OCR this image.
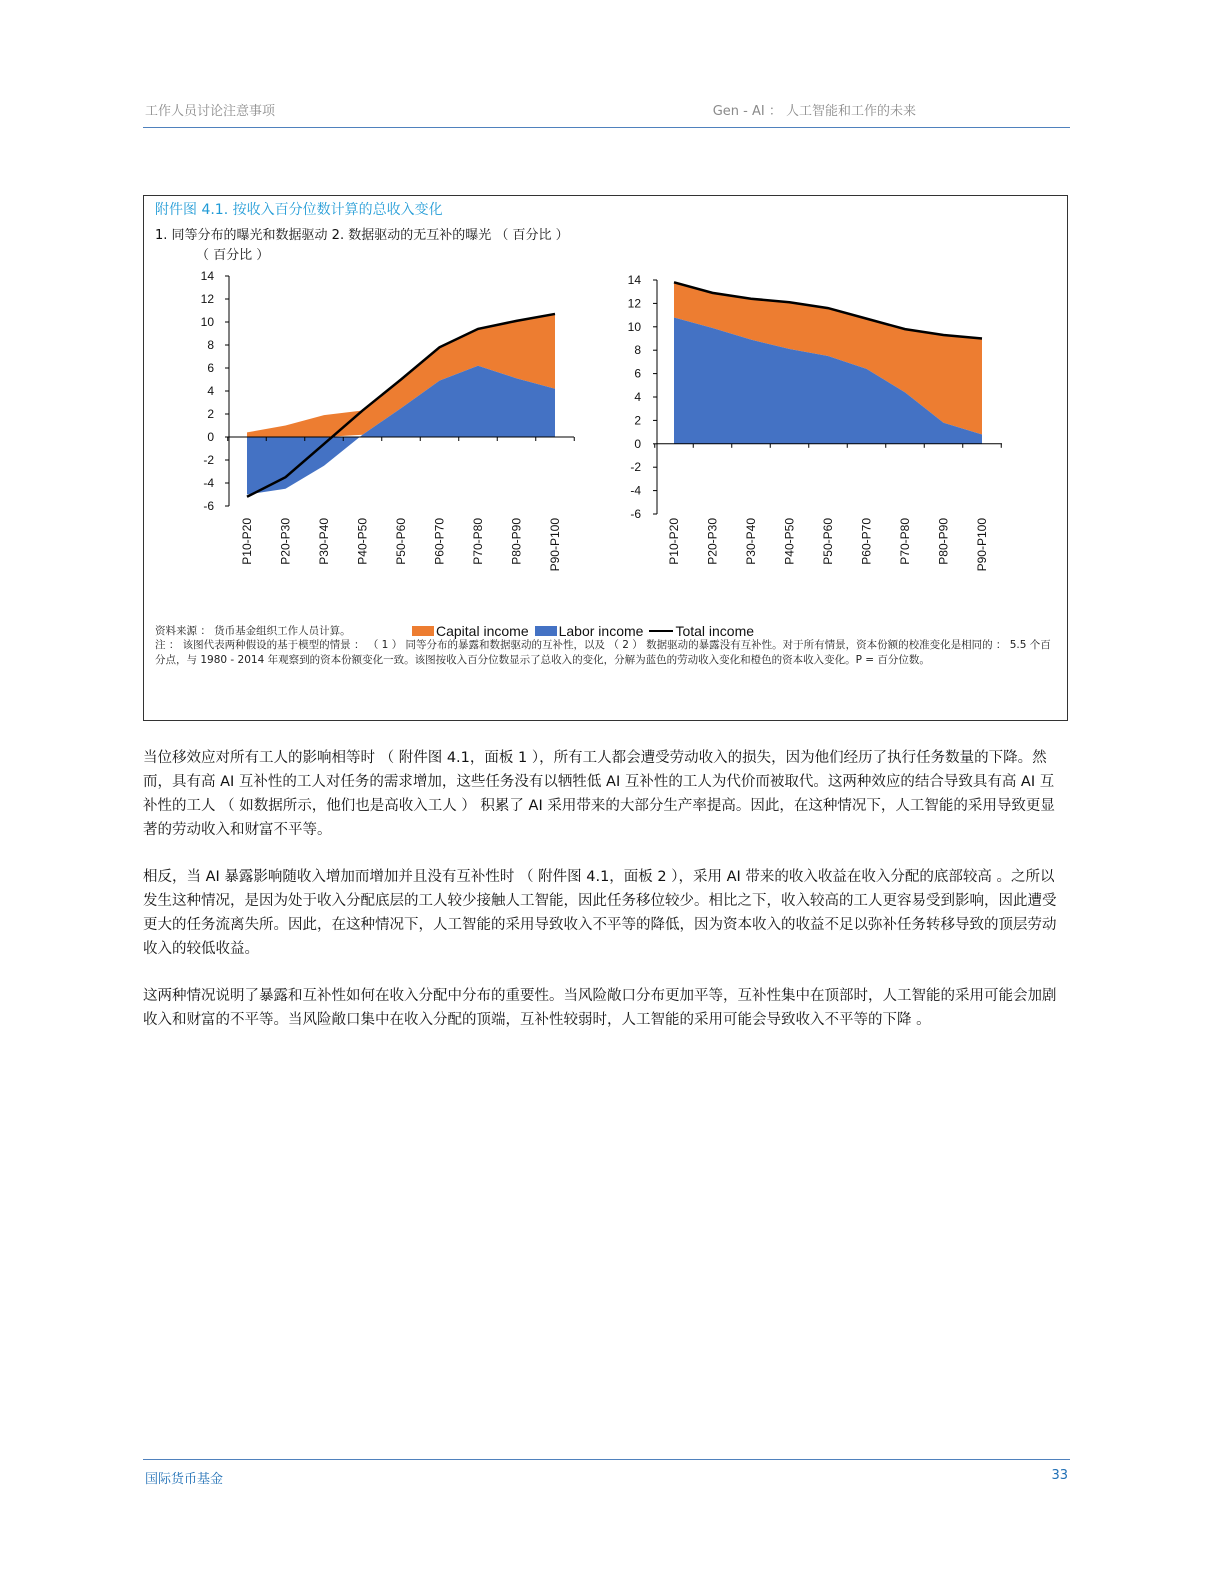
工作人员讨论注意事项	Gen - AI ： 人工智能和工作的未来
附件图 4.1. 按收入百分位数计算的总收入变化
1. 同等分布的曝光和数据驱动 2. 数据驱动的无互补的曝光 （ 百分比 ）
（ 百分比 ）
-6
-4
-2
0
2
4
6
8
10
12
14
P10-P20 P20-P30 P30-P40 P40-P50 P50-P60 P60-P70 P70-P80 P80-P90 P90-P100
-6
-4
-2
0
2
4
6
8
10
12
14
P10-P20 P20-P30 P30-P40 P40-P50 P50-P60 P60-P70 P70-P80 P80-P90 P90-P100
资料来源 ： 货币基金组织工作人员计算。	Capital income Labor income Total income
注 ： 该图代表两种假设的基于模型的情景 ： （ 1 ） 同等分布的暴露和数据驱动的互补性，以及 （ 2 ） 数据驱动的暴露没有互补性。对于所有情景，资本份额的校准变化是相同的 ： 5.5 个百分点，与 1980 - 2014 年观察到的资本份额变化一致。该图按收入百分位数显示了总收入的变化，分解为蓝色的劳动收入变化和橙色的资本收入变化。P = 百分位数。
当位移效应对所有工人的影响相等时 （ 附件图 4.1，面板 1 ），所有工人都会遭受劳动收入的损失，因为他们经历了执行任务数量的下降。然而，具有高 AI 互补性的工人对任务的需求增加，这些任务没有以牺牲低 AI 互补性的工人为代价而被取代。这两种效应的结合导致具有高 AI 互补性的工人 （ 如数据所示，他们也是高收入工人 ） 积累了 AI 采用带来的大部分生产率提高。因此，在这种情况下，人工智能的采用导致更显著的劳动收入和财富不平等。
相反，当 AI 暴露影响随收入增加而增加并且没有互补性时 （ 附件图 4.1，面板 2 ），采用 AI 带来的收入收益在收入分配的底部较高 。之所以发生这种情况，是因为处于收入分配底层的工人较少接触人工智能，因此任务移位较少。相比之下，收入较高的工人更容易受到影响，因此遭受更大的任务流离失所。因此，在这种情况下，人工智能的采用导致收入不平等的降低，因为资本收入的收益不足以弥补任务转移导致的顶层劳动收入的较低收益。
这两种情况说明了暴露和互补性如何在收入分配中分布的重要性。当风险敞口分布更加平等，互补性集中在顶部时，人工智能的采用可能会加剧收入和财富的不平等。当风险敞口集中在收入分配的顶端，互补性较弱时，人工智能的采用可能会导致收入不平等的下降 。
国际货币基金	33
